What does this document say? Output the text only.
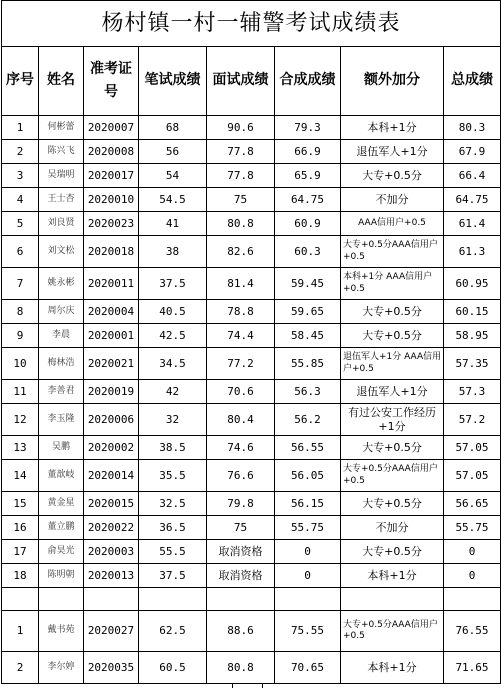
杨村镇一村一辅警考试成绩表							
序号	姓名	准考证号	笔试成绩	面试成绩	合成成绩	额外加分	总成绩
1	何彬蕾	2020007	68	90.6	79.3	本科+1分	80.3
2	陈兴飞	2020008	56	77.8	66.9	退伍军人+1分	67.9
3	吴瑞明	2020017	54	77.8	65.9	大专+0.5分	66.4
4	王士杏	2020010	54.5	75	64.75	不加分	64.75
5	刘良贤	2020023	41	80.8	60.9	AAA信用户+0.5	61.4
6	刘文松	2020018	38	82.6	60.3	大专+0.5分AAA信用户+0.5	61.3
7	姚永彬	2020011	37.5	81.4	59.45	本科+1分 AAA信用户+0.5	60.95
8	周尔庆	2020004	40.5	78.8	59.65	大专+0.5分	60.15
9	李晨	2020001	42.5	74.4	58.45	大专+0.5分	58.95
10	梅林浩	2020021	34.5	77.2	55.85	退伍军人+1分 AAA信用户+0.5	57.35
11	李善君	2020019	42	70.6	56.3	退伍军人+1分	57.3
12	李玉隆	2020006	32	80.4	56.2	有过公安工作经历+1分	57.2
13	吴鹏	2020002	38.5	74.6	56.55	大专+0.5分	57.05
14	董歆岐	2020014	35.5	76.6	56.05	大专+0.5分AAA信用户+0.5	57.05
15	黄金星	2020015	32.5	79.8	56.15	大专+0.5分	56.65
16	董立鹏	2020022	36.5	75	55.75	不加分	55.75
17	俞昊光	2020003	55.5	取消资格	0	大专+0.5分	0
18	陈明朝	2020013	37.5	取消资格	0	本科+1分	0

1	戴书苑	2020027	62.5	88.6	75.55	大专+0.5分AAA信用户+0.5	76.55
2	李尔婷	2020035	60.5	80.8	70.65	本科+1分	71.65
